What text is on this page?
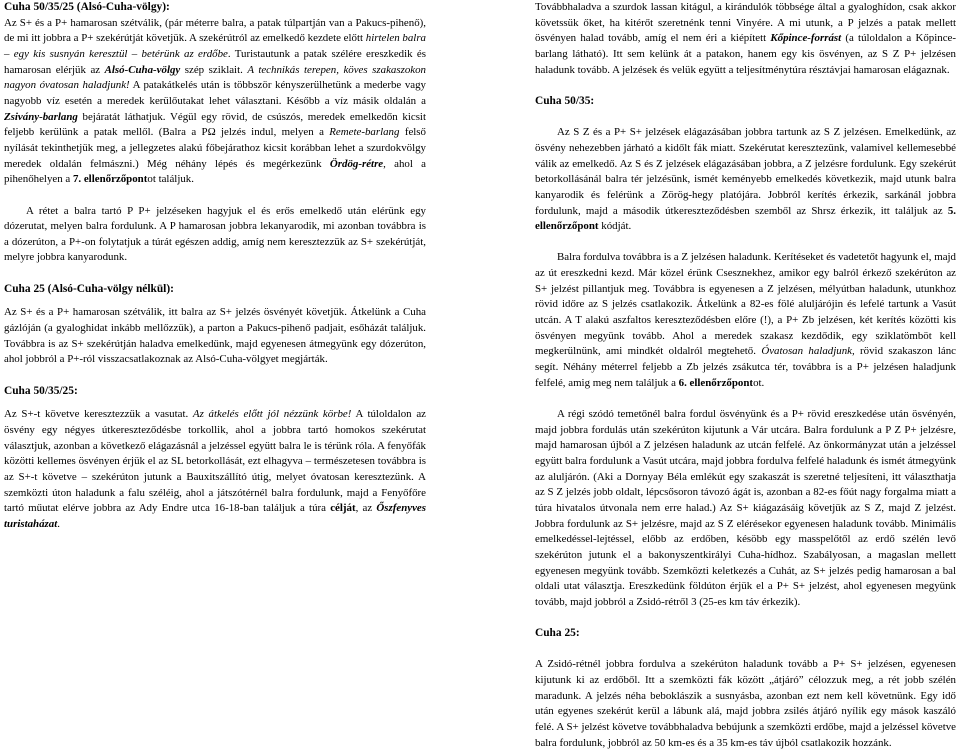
Cuha 50/35/25 (Alsó-Cuha-völgy):

Az S+ és a P+ hamarosan szétválik, (pár méterre balra, a patak túlpartján van a Pakucs-pihenő), de mi itt jobbra a P+ szekérútját követjük. A szekérútról az emelkedő kezdete előtt hirtelen balra – egy kis susnyán keresztül – betérünk az erdőbe. Turistautunk a patak szélére ereszkedik és hamarosan elérjük az Alsó-Cuha-völgy szép sziklait. A technikás terepen, köves szakaszokon nagyon óvatosan haladjunk! A patakátkelés után is többször kényszerülhetünk a mederbe vagy nagyobb víz esetén a meredek kerülőutakat lehet választani. Később a víz másik oldalán a Zsivány-barlang bejáratát láthatjuk. Végül egy rövid, de csúszós, meredek emelkedőn kicsit feljebb kerülünk a patak mellől. (Balra a PΩ jelzés indul, melyen a Remete-barlang felső nyílását tekinthetjük meg, a jellegzetes alakú főbejárathoz kicsit korábban lehet a szurdokvölgy meredek oldalán felmászni.) Még néhány lépés és megérkezünk Ördög-rétre, ahol a pihenőhelyen a 7. ellenőrzőpontot találjuk.

A rétet a balra tartó P P+ jelzéseken hagyjuk el és erős emelkedő után elérünk egy dózerutat, melyen balra fordulunk. A P hamarosan jobbra lekanyarodik, mi azonban továbbra is a dózerúton, a P+-on folytatjuk a túrát egészen addig, amíg nem keresztezzük az S+ szekérútját, melyre jobbra kanyarodunk.

Cuha 25 (Alsó-Cuha-völgy nélkül):

Az S+ és a P+ hamarosan szétválik, itt balra az S+ jelzés ösvényét követjük. Átkelünk a Cuha gázlóján (a gyaloghidat inkább mellőzzük), a parton a Pakucs-pihenő padjait, esőházát találjuk. Továbbra is az S+ szekérútján haladva emelkedünk, majd egyenesen átmegyünk egy dózerúton, ahol jobbról a P+-ról visszacsatlakoznak az Alsó-Cuha-völgyet megjárták.

Cuha 50/35/25:

Az S+-t követve keresztezzük a vasutat. Az átkelés előtt jól nézzünk körbe! A túloldalon az ösvény egy négyes útkereszteződésbe torkollik, ahol a jobbra tartó homokos szekérutat választjuk, azonban a következő elágazásnál a jelzéssel együtt balra le is térünk róla. A fenyőfák közötti kellemes ösvényen érjük el az SL betorkollását, ezt elhagyva – természetesen továbbra is az S+-t követve – szekérúton jutunk a Bauxitszállító útig, melyet óvatosan keresztezünk. A szemközti úton haladunk a falu széléig, ahol a játszótérnél balra fordulunk, majd a Fenyőfőre tartó műutat elérve jobbra az Ady Endre utca 16-18-ban találjuk a túra célját, az Őszfenyves turistaházat.

Továbbhaladva a szurdok lassan kitágul, a kirándulók többsége által a gyaloghídon, csak akkor követssük őket, ha kitérőt szeretnénk tenni Vinyére. A mi utunk, a P jelzés a patak mellett ösvényen halad tovább, amíg el nem éri a kiépített Kőpince-forrást (a túloldalon a Kőpince-barlang látható). Itt sem kelünk át a patakon, hanem egy kis ösvényen, az S Z P+ jelzésen haladunk tovább. A jelzések és velük együtt a teljesítménytúra résztávjai hamarosan elágaznak.

Cuha 50/35:

Az S Z és a P+ S+ jelzések elágazásában jobbra tartunk az S Z jelzésen. Emelkedünk, az ösvény nehezebben járható a kidőlt fák miatt. Szekérutat keresztezünk, valamivel kellemesebbé válik az emelkedő. Az S és Z jelzések elágazásában jobbra, a Z jelzésre fordulunk. Egy szekérút betorkollásánál balra tér jelzésünk, ismét keményebb emelkedés következik, majd utunk balra kanyarodik és felérünk a Zörög-hegy platójára. Jobbról kerítés érkezik, sarkánál jobbra fordulunk, majd a második útkereszteződésben szemből az Shrsz érkezik, itt találjuk az 5. ellenőrzőpont kódját.

Balra fordulva továbbra is a Z jelzésen haladunk. Kerítéseket és vadetetőt hagyunk el, majd az út ereszkedni kezd. Már közel érünk Csesznekhez, amikor egy balról érkező szekérúton az S+ jelzést pillantjuk meg. Továbbra is egyenesen a Z jelzésen, mélyútban haladunk, utunkhoz rövid időre az S jelzés csatlakozik. Átkelünk a 82-es fölé aluljárójin és lefelé tartunk a Vasút utcán. A T alakú aszfaltos kereszteződésben előre (!), a P+ Zb jelzésen, két kerítés közötti kis ösvényen megyünk tovább. Ahol a meredek szakasz kezdődik, egy sziklatömböt kell megkerülnünk, ami mindkét oldalról megtehető. Óvatosan haladjunk, rövid szakaszon lánc segít. Néhány méterrel feljebb a Zb jelzés zsákutca tér, továbbra is a P+ jelzésen haladjunk felfelé, amig meg nem találjuk a 6. ellenőrzőpontot.

A régi szódó temetőnél balra fordul ösvényünk és a P+ rövid ereszkedése után ösvényén, majd jobbra fordulás után szekérúton kijutunk a Vár utcára. Balra fordulunk a P Z P+ jelzésre, majd hamarosan újból a Z jelzésen haladunk az utcán felfelé. Az önkormányzat után a jelzéssel együtt balra fordulunk a Vasút utcára, majd jobbra fordulva felfelé haladunk és ismét átmegyünk az aluljárón. (Aki a Dornyay Béla emlékút egy szakaszát is szeretné teljesíteni, itt választhatja az S Z jelzés jobb oldalt, lépcsősoron távozó ágát is, azonban a 82-es főút nagy forgalma miatt a túra hivatalos útvonala nem erre halad.) Az S+ kiágazásáig követjük az S Z, majd Z jelzést. Jobbra fordulunk az S+ jelzésre, majd az S Z elérésekor egyenesen haladunk tovább. Minimális emelkedéssel-lejtéssel, előbb az erdőben, késöbb egy masspelőtől az erdő szélén levő szekérúton jutunk el a bakonyszentkirályi Cuha-hídhoz. Szabályosan, a magaslan mellett egyenesen megyünk tovább. Szemközti keletkezés a Cuhát, az S+ jelzés pedig hamarosan a bal oldali utat választja. Ereszkedünk földúton érjük el a P+ S+ jelzést, ahol egyenesen megyünk tovább, majd jobbról a Zsidó-rétről 3 (25-es km táv érkezik).

Cuha 25:

A Zsidó-rétnél jobbra fordulva a szekérúton haladunk tovább a P+ S+ jelzésen, egyenesen kijutunk ki az erdőből. Itt a szemközti fák között „átjáró” célozzuk meg, a rét jobb szélén maradunk. A jelzés néha beboklászik a susnyásba, azonban ezt nem kell követnünk. Egy idő után egyenes szekérút kerül a lábunk alá, majd jobbra zsilés átjáró nyílik egy mások kaszáló felé. A S+ jelzést követve továbbhaladva bebújunk a szemközti erdőbe, majd a jelzéssel követve balra fordulunk, jobbról az 50 km-es és a 35 km-es táv újból csatlakozik hozzánk.
